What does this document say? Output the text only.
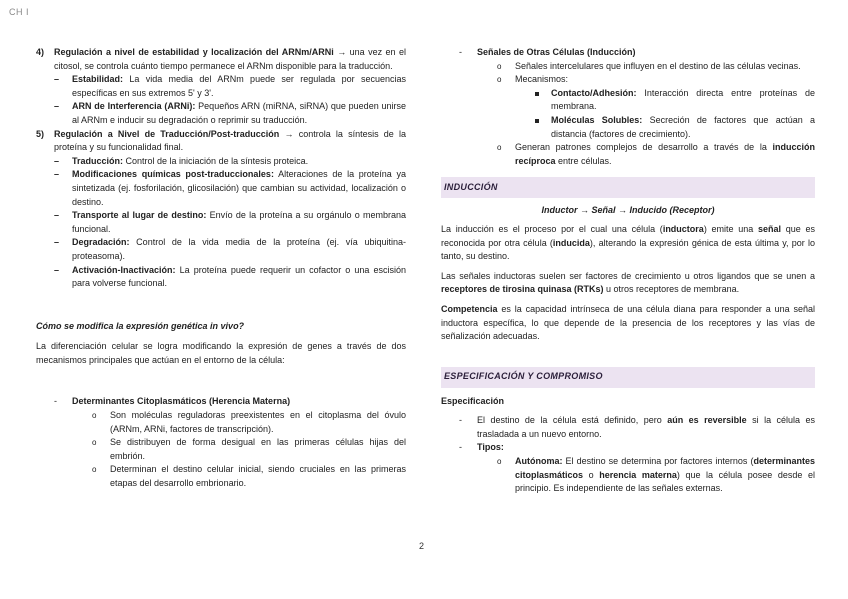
CH I
4) Regulación a nivel de estabilidad y localización del ARNm/ARNi → una vez en el citosol, se controla cuánto tiempo permanece el ARNm disponible para la traducción.
– Estabilidad: La vida media del ARNm puede ser regulada por secuencias específicas en sus extremos 5' y 3'.
– ARN de Interferencia (ARNi): Pequeños ARN (miRNA, siRNA) que pueden unirse al ARNm e inducir su degradación o reprimir su traducción.
5) Regulación a Nivel de Traducción/Post-traducción → controla la síntesis de la proteína y su funcionalidad final.
– Traducción: Control de la iniciación de la síntesis proteica.
– Modificaciones químicas post-traduccionales: Alteraciones de la proteína ya sintetizada (ej. fosforilación, glicosilación) que cambian su actividad, localización o destino.
– Transporte al lugar de destino: Envío de la proteína a su orgánulo o membrana funcional.
– Degradación: Control de la vida media de la proteína (ej. vía ubiquitina-proteasoma).
– Activación-Inactivación: La proteína puede requerir un cofactor o una escisión para volverse funcional.
Cómo se modifica la expresión genética in vivo?
La diferenciación celular se logra modificando la expresión de genes a través de dos mecanismos principales que actúan en el entorno de la célula:
- Determinantes Citoplasmáticos (Herencia Materna)
o Son moléculas reguladoras preexistentes en el citoplasma del óvulo (ARNm, ARNi, factores de transcripción).
o Se distribuyen de forma desigual en las primeras células hijas del embrión.
o Determinan el destino celular inicial, siendo cruciales en las primeras etapas del desarrollo embrionario.
- Señales de Otras Células (Inducción)
o Señales intercelulares que influyen en el destino de las células vecinas.
o Mecanismos:
Contacto/Adhesión: Interacción directa entre proteínas de membrana.
Moléculas Solubles: Secreción de factores que actúan a distancia (factores de crecimiento).
o Generan patrones complejos de desarrollo a través de la inducción recíproca entre células.
INDUCCIÓN
Inductor → Señal → Inducido (Receptor)
La inducción es el proceso por el cual una célula (inductora) emite una señal que es reconocida por otra célula (inducida), alterando la expresión génica de esta última y, por lo tanto, su destino.
Las señales inductoras suelen ser factores de crecimiento u otros ligandos que se unen a receptores de tirosina quinasa (RTKs) u otros receptores de membrana.
Competencia es la capacidad intrínseca de una célula diana para responder a una señal inductora específica, lo que depende de la presencia de los receptores y las vías de señalización adecuadas.
ESPECIFICACIÓN Y COMPROMISO
Especificación
- El destino de la célula está definido, pero aún es reversible si la célula es trasladada a un nuevo entorno.
- Tipos:
o Autónoma: El destino se determina por factores internos (determinantes citoplasmáticos o herencia materna) que la célula posee desde el principio. Es independiente de las señales externas.
2
